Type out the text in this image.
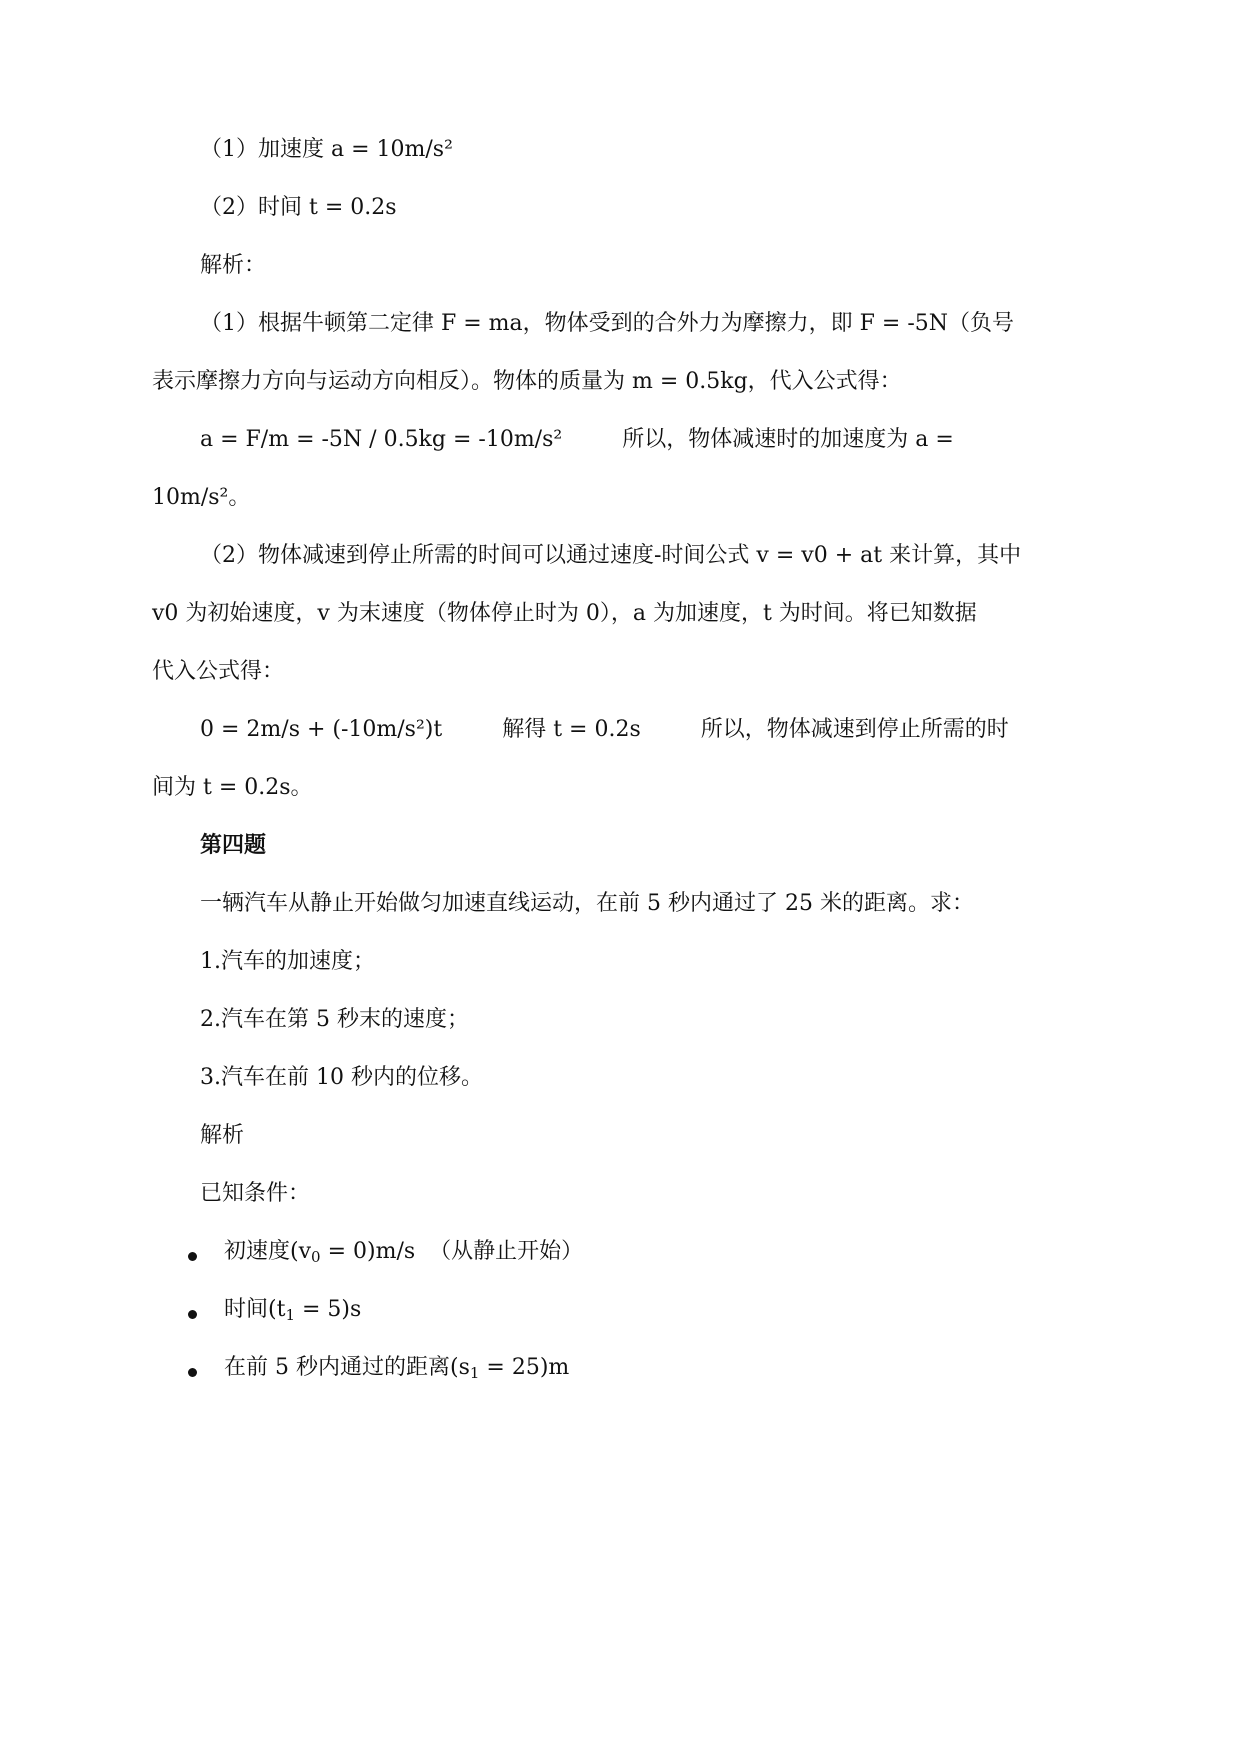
（1）加速度 a = 10m/s²
（2）时间 t = 0.2s
解析：
（1）根据牛顿第二定律 F = ma，物体受到的合外力为摩擦力，即 F = -5N（负号
表示摩擦力方向与运动方向相反）。物体的质量为 m = 0.5kg，代入公式得：
a = F/m = -5N / 0.5kg = -10m/s²	所以，物体减速时的加速度为 a =
10m/s²。
（2）物体减速到停止所需的时间可以通过速度-时间公式 v = v0 + at 来计算，其中
v0 为初始速度，v 为末速度（物体停止时为 0），a 为加速度，t 为时间。将已知数据
代入公式得：
0 = 2m/s + (-10m/s²)t	解得 t = 0.2s	所以，物体减速到停止所需的时
间为 t = 0.2s。
第四题
一辆汽车从静止开始做匀加速直线运动，在前 5 秒内通过了 25 米的距离。求：
1.汽车的加速度；
2.汽车在第 5 秒末的速度；
3.汽车在前 10 秒内的位移。
解析
已知条件：
初速度$(v_0 = 0)m/s$ （从静止开始）
时间$(t_1 = 5)s$
在前 5 秒内通过的距离$(s_1 = 25)m$
